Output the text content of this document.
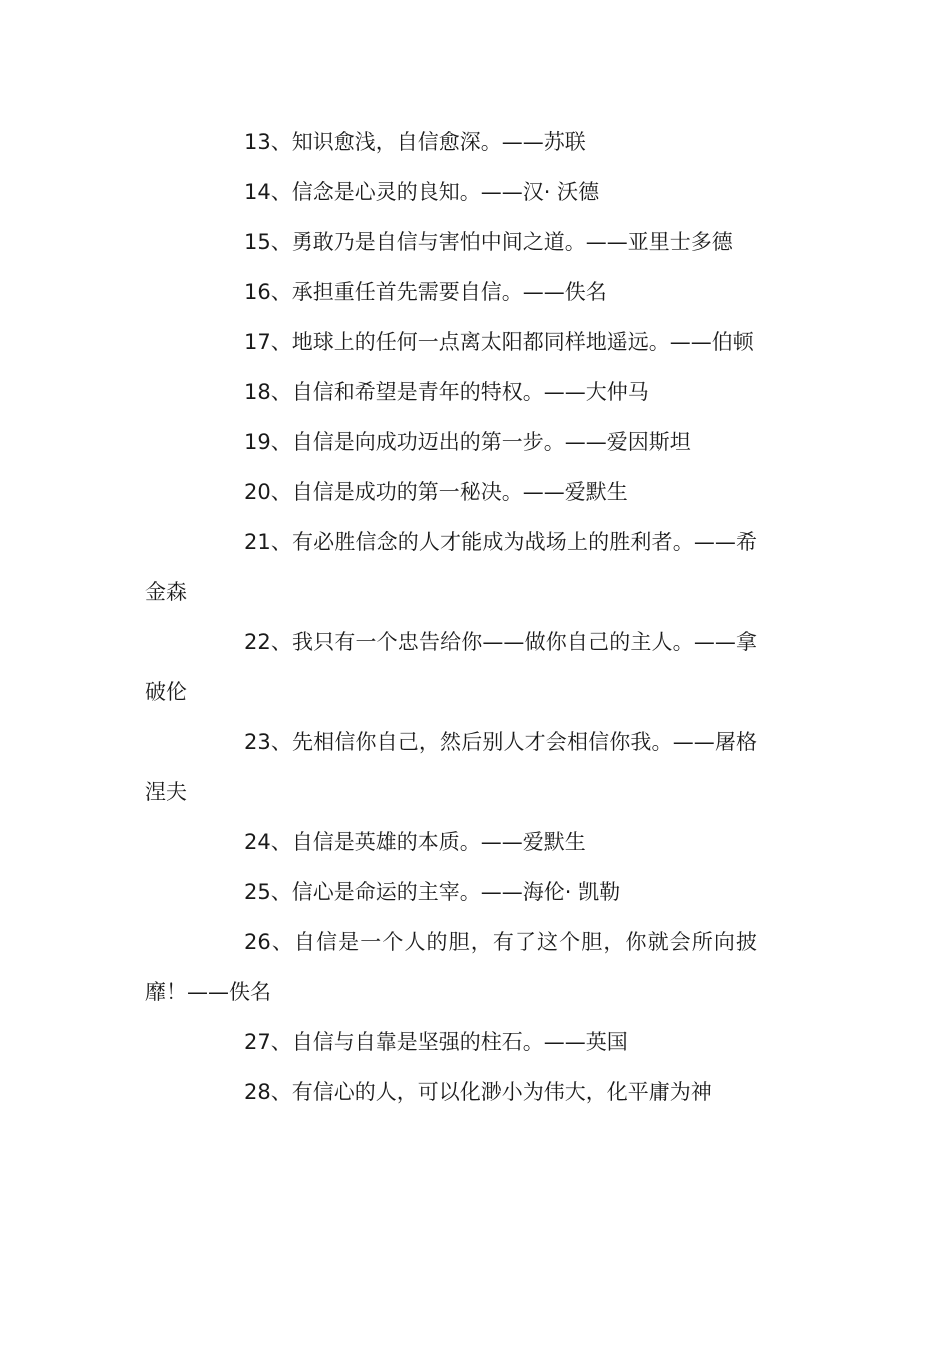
13、知识愈浅，自信愈深。——苏联

14、信念是心灵的良知。——汉· 沃德

15、勇敢乃是自信与害怕中间之道。——亚里士多德

16、承担重任首先需要自信。——佚名

17、地球上的任何一点离太阳都同样地遥远。——伯顿

18、自信和希望是青年的特权。——大仲马

19、自信是向成功迈出的第一步。——爱因斯坦

20、自信是成功的第一秘决。——爱默生

21、有必胜信念的人才能成为战场上的胜利者。——希金森

22、我只有一个忠告给你——做你自己的主人。——拿破伦

23、先相信你自己，然后别人才会相信你我。——屠格涅夫

24、自信是英雄的本质。——爱默生

25、信心是命运的主宰。——海伦· 凯勒

26、自信是一个人的胆，有了这个胆，你就会所向披靡！——佚名

27、自信与自靠是坚强的柱石。——英国

28、有信心的人，可以化渺小为伟大，化平庸为神
